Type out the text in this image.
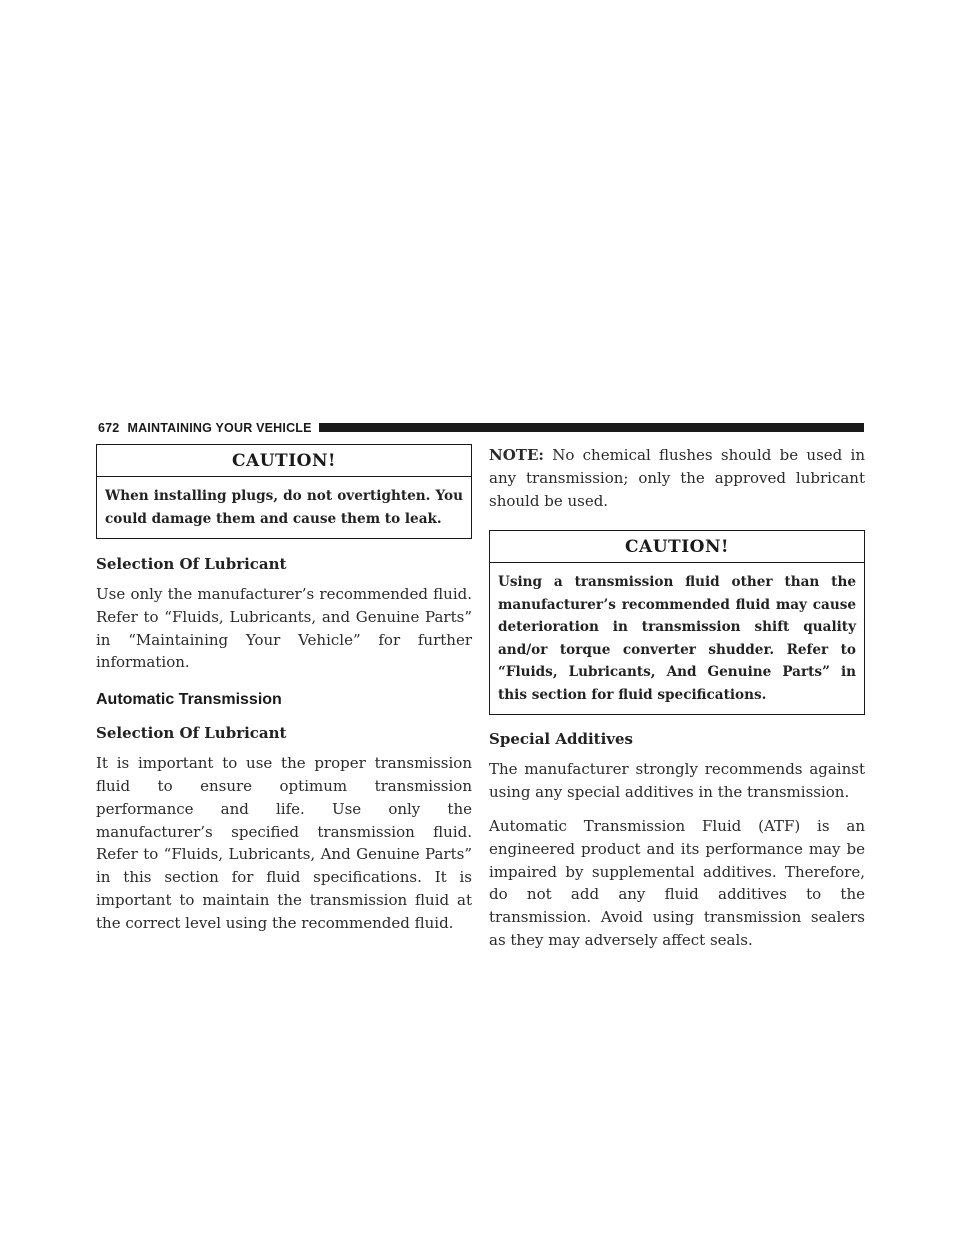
672 MAINTAINING YOUR VEHICLE
CAUTION!
When installing plugs, do not overtighten. You could damage them and cause them to leak.
Selection Of Lubricant

Use only the manufacturer’s recommended fluid. Refer to “Fluids, Lubricants, and Genuine Parts” in “Maintaining Your Vehicle” for further information.

Automatic Transmission
Selection Of Lubricant

It is important to use the proper transmission fluid to ensure optimum transmission performance and life. Use only the manufacturer’s specified transmission fluid. Refer to “Fluids, Lubricants, And Genuine Parts” in this section for fluid specifications. It is important to maintain the transmission fluid at the correct level using the recommended fluid.

NOTE: No chemical flushes should be used in any transmission; only the approved lubricant should be used.

CAUTION!
Using a transmission fluid other than the manufacturer’s recommended fluid may cause deterioration in transmission shift quality and/or torque converter shudder. Refer to “Fluids, Lubricants, And Genuine Parts” in this section for fluid specifications.
Special Additives

The manufacturer strongly recommends against using any special additives in the transmission.

Automatic Transmission Fluid (ATF) is an engineered product and its performance may be impaired by supplemental additives. Therefore, do not add any fluid additives to the transmission. Avoid using transmission sealers as they may adversely affect seals.
